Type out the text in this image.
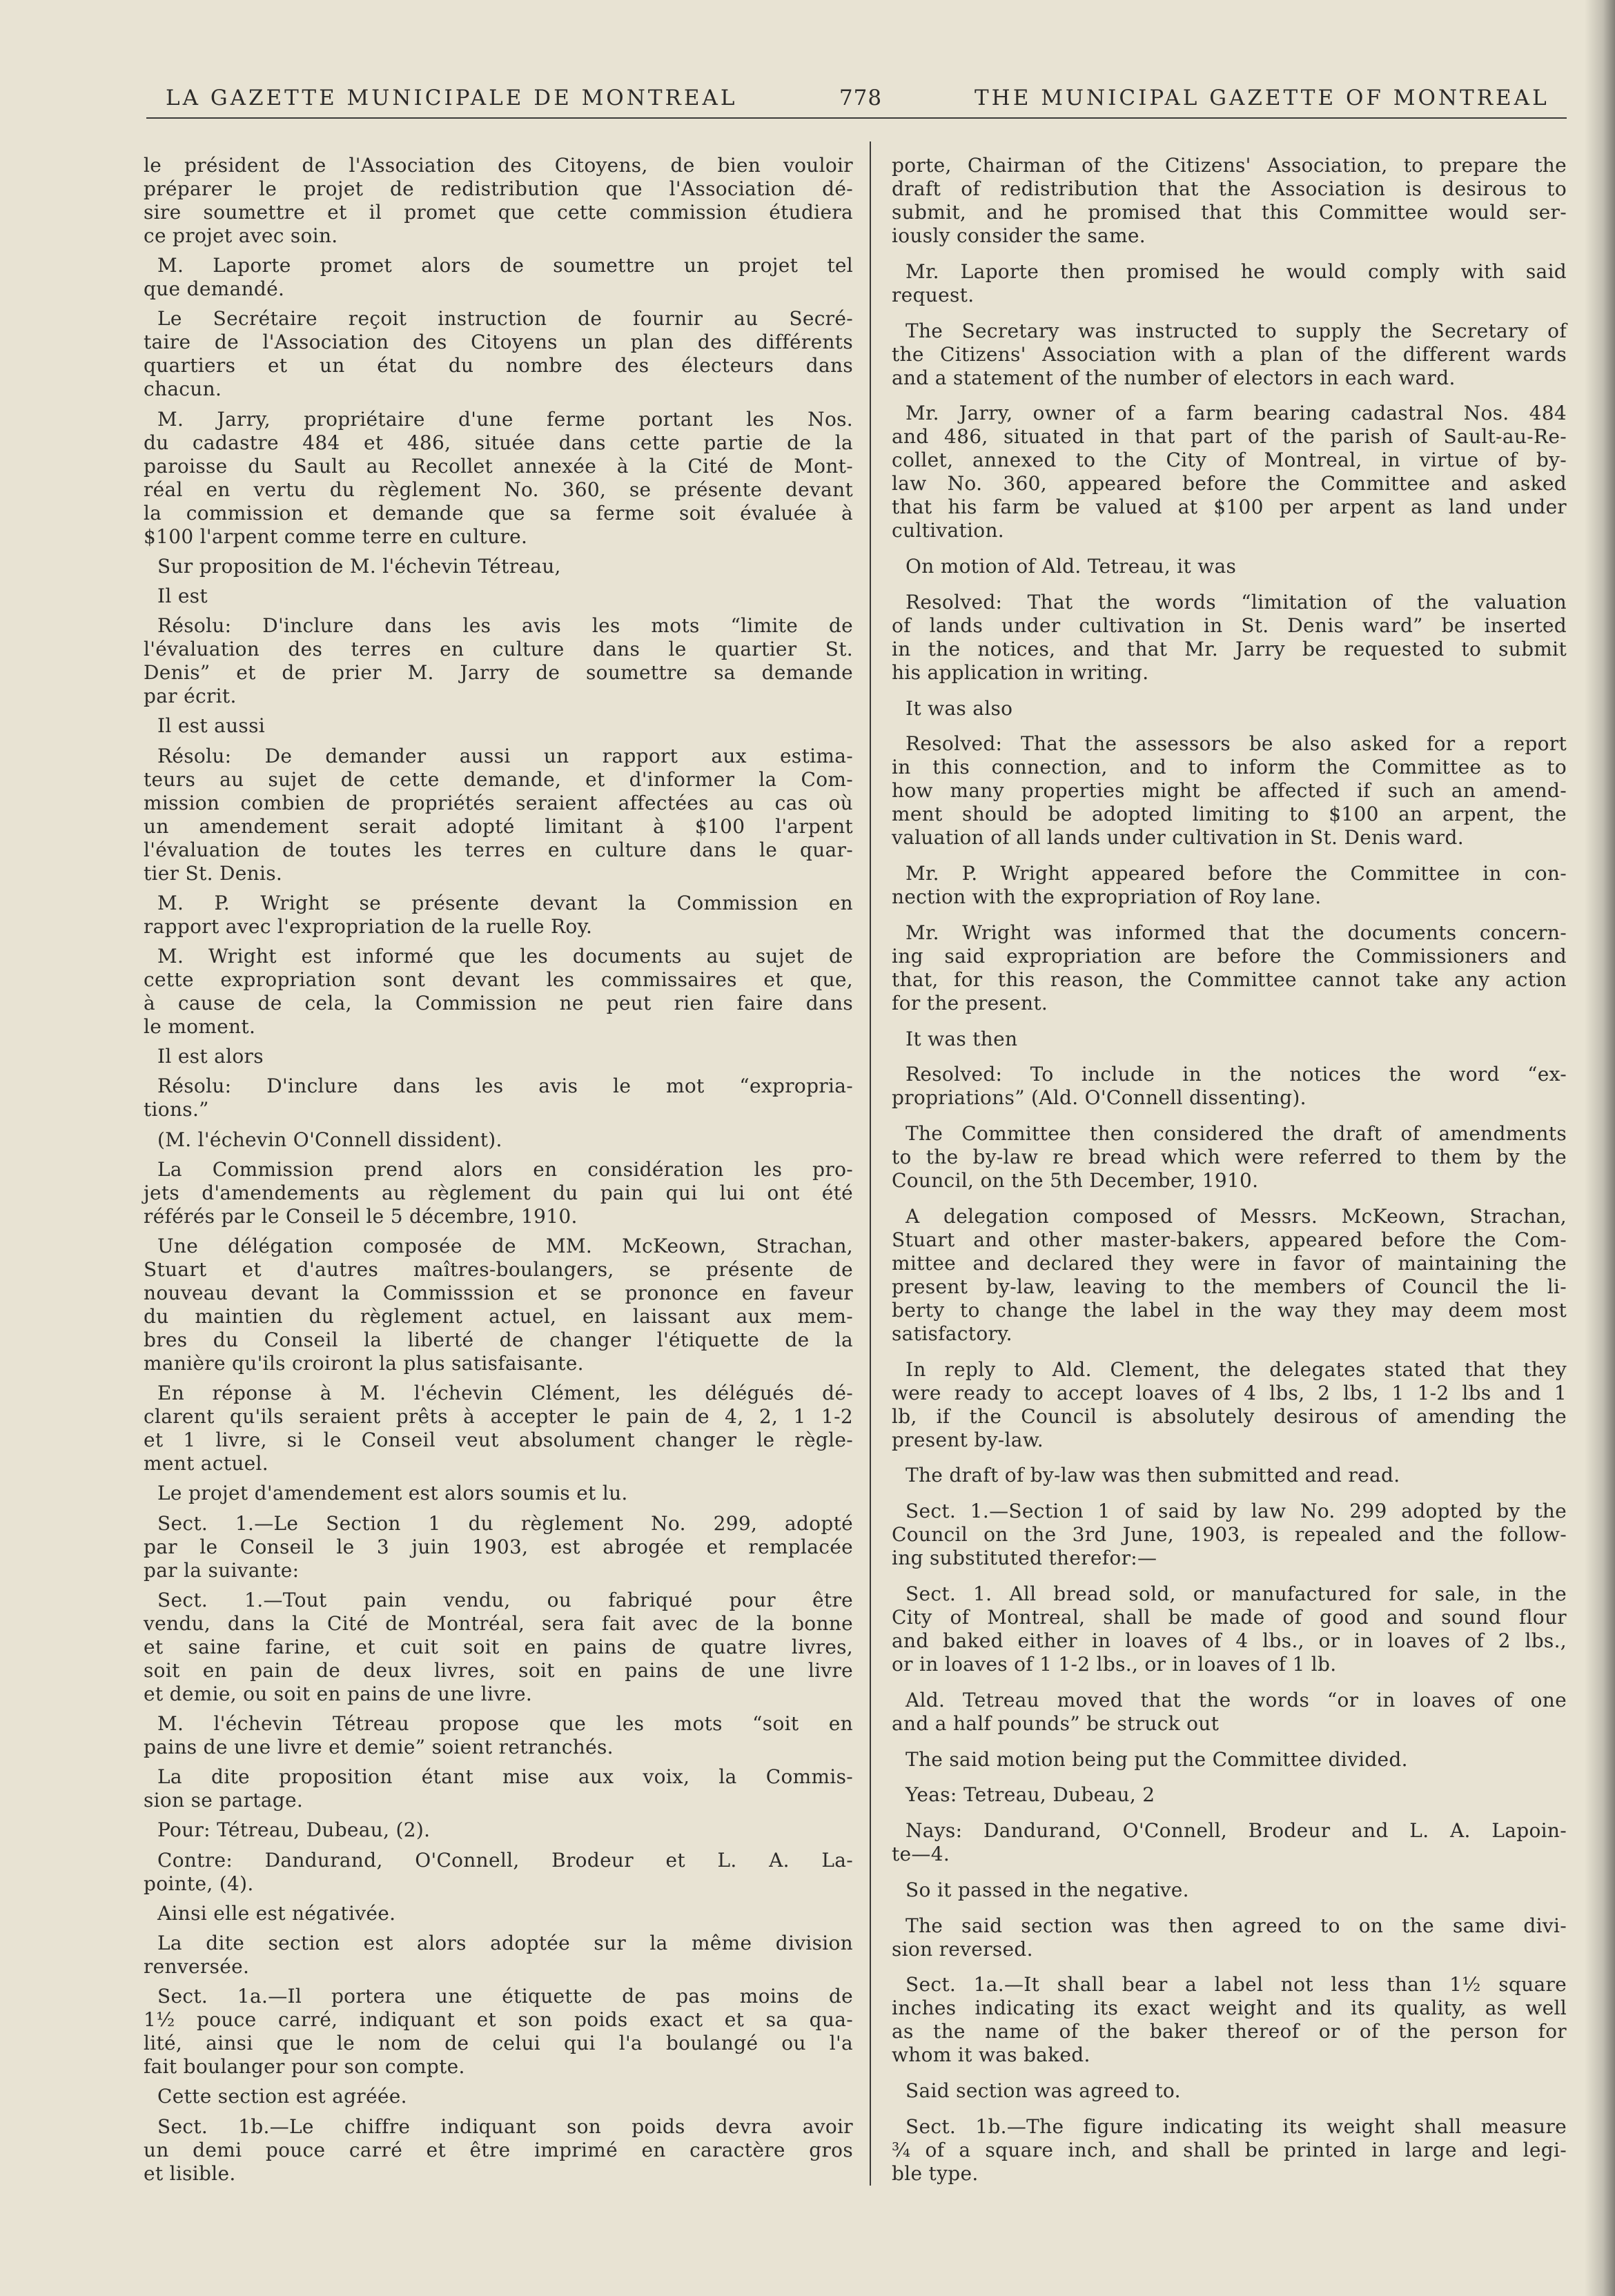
LA GAZETTE MUNICIPALE DE MONTREAL	778	THE MUNICIPAL GAZETTE OF MONTREAL
le président de l'Association des Citoyens, de bien vouloir
préparer le projet de redistribution que l'Association dé-
sire soumettre et il promet que cette commission étudiera
ce projet avec soin.
M. Laporte promet alors de soumettre un projet tel
que demandé.
Le Secrétaire reçoit instruction de fournir au Secré-
taire de l'Association des Citoyens un plan des différents
quartiers et un état du nombre des électeurs dans
chacun.
M. Jarry, propriétaire d'une ferme portant les Nos.
du cadastre 484 et 486, située dans cette partie de la
paroisse du Sault au Recollet annexée à la Cité de Mont-
réal en vertu du règlement No. 360, se présente devant
la commission et demande que sa ferme soit évaluée à
$100 l'arpent comme terre en culture.
Sur proposition de M. l'échevin Tétreau,
Il est
Résolu: D'inclure dans les avis les mots “limite de
l'évaluation des terres en culture dans le quartier St.
Denis” et de prier M. Jarry de soumettre sa demande
par écrit.
Il est aussi
Résolu: De demander aussi un rapport aux estima-
teurs au sujet de cette demande, et d'informer la Com-
mission combien de propriétés seraient affectées au cas où
un amendement serait adopté limitant à $100 l'arpent
l'évaluation de toutes les terres en culture dans le quar-
tier St. Denis.
M. P. Wright se présente devant la Commission en
rapport avec l'expropriation de la ruelle Roy.
M. Wright est informé que les documents au sujet de
cette expropriation sont devant les commissaires et que,
à cause de cela, la Commission ne peut rien faire dans
le moment.
Il est alors
Résolu: D'inclure dans les avis le mot “expropria-
tions.”
(M. l'échevin O'Connell dissident).
La Commission prend alors en considération les pro-
jets d'amendements au règlement du pain qui lui ont été
référés par le Conseil le 5 décembre, 1910.
Une délégation composée de MM. McKeown, Strachan,
Stuart et d'autres maîtres-boulangers, se présente de
nouveau devant la Commisssion et se prononce en faveur
du maintien du règlement actuel, en laissant aux mem-
bres du Conseil la liberté de changer l'étiquette de la
manière qu'ils croiront la plus satisfaisante.
En réponse à M. l'échevin Clément, les délégués dé-
clarent qu'ils seraient prêts à accepter le pain de 4, 2, 1 1-2
et 1 livre, si le Conseil veut absolument changer le règle-
ment actuel.
Le projet d'amendement est alors soumis et lu.
Sect. 1.—Le Section 1 du règlement No. 299, adopté
par le Conseil le 3 juin 1903, est abrogée et remplacée
par la suivante:
Sect. 1.—Tout pain vendu, ou fabriqué pour être
vendu, dans la Cité de Montréal, sera fait avec de la bonne
et saine farine, et cuit soit en pains de quatre livres,
soit en pain de deux livres, soit en pains de une livre
et demie, ou soit en pains de une livre.
M. l'échevin Tétreau propose que les mots “soit en
pains de une livre et demie” soient retranchés.
La dite proposition étant mise aux voix, la Commis-
sion se partage.
Pour: Tétreau, Dubeau, (2).
Contre: Dandurand, O'Connell, Brodeur et L. A. La-
pointe, (4).
Ainsi elle est négativée.
La dite section est alors adoptée sur la même division
renversée.
Sect. 1a.—Il portera une étiquette de pas moins de
1½ pouce carré, indiquant et son poids exact et sa qua-
lité, ainsi que le nom de celui qui l'a boulangé ou l'a
fait boulanger pour son compte.
Cette section est agréée.
Sect. 1b.—Le chiffre indiquant son poids devra avoir
un demi pouce carré et être imprimé en caractère gros
et lisible.
porte, Chairman of the Citizens' Association, to prepare the
draft of redistribution that the Association is desirous to
submit, and he promised that this Committee would ser-
iously consider the same.
Mr. Laporte then promised he would comply with said
request.
The Secretary was instructed to supply the Secretary of
the Citizens' Association with a plan of the different wards
and a statement of the number of electors in each ward.
Mr. Jarry, owner of a farm bearing cadastral Nos. 484
and 486, situated in that part of the parish of Sault-au-Re-
collet, annexed to the City of Montreal, in virtue of by-
law No. 360, appeared before the Committee and asked
that his farm be valued at $100 per arpent as land under
cultivation.
On motion of Ald. Tetreau, it was
Resolved: That the words “limitation of the valuation
of lands under cultivation in St. Denis ward” be inserted
in the notices, and that Mr. Jarry be requested to submit
his application in writing.
It was also
Resolved: That the assessors be also asked for a report
in this connection, and to inform the Committee as to
how many properties might be affected if such an amend-
ment should be adopted limiting to $100 an arpent, the
valuation of all lands under cultivation in St. Denis ward.
Mr. P. Wright appeared before the Committee in con-
nection with the expropriation of Roy lane.
Mr. Wright was informed that the documents concern-
ing said expropriation are before the Commissioners and
that, for this reason, the Committee cannot take any action
for the present.
It was then
Resolved: To include in the notices the word “ex-
propriations” (Ald. O'Connell dissenting).
The Committee then considered the draft of amendments
to the by-law re bread which were referred to them by the
Council, on the 5th December, 1910.
A delegation composed of Messrs. McKeown, Strachan,
Stuart and other master-bakers, appeared before the Com-
mittee and declared they were in favor of maintaining the
present by-law, leaving to the members of Council the li-
berty to change the label in the way they may deem most
satisfactory.
In reply to Ald. Clement, the delegates stated that they
were ready to accept loaves of 4 lbs, 2 lbs, 1 1-2 lbs and 1
lb, if the Council is absolutely desirous of amending the
present by-law.
The draft of by-law was then submitted and read.
Sect. 1.—Section 1 of said by law No. 299 adopted by the
Council on the 3rd June, 1903, is repealed and the follow-
ing substituted therefor:—
Sect. 1. All bread sold, or manufactured for sale, in the
City of Montreal, shall be made of good and sound flour
and baked either in loaves of 4 lbs., or in loaves of 2 lbs.,
or in loaves of 1 1-2 lbs., or in loaves of 1 lb.
Ald. Tetreau moved that the words “or in loaves of one
and a half pounds” be struck out
The said motion being put the Committee divided.
Yeas: Tetreau, Dubeau, 2
Nays: Dandurand, O'Connell, Brodeur and L. A. Lapoin-
te—4.
So it passed in the negative.
The said section was then agreed to on the same divi-
sion reversed.
Sect. 1a.—It shall bear a label not less than 1½ square
inches indicating its exact weight and its quality, as well
as the name of the baker thereof or of the person for
whom it was baked.
Said section was agreed to.
Sect. 1b.—The figure indicating its weight shall measure
¾ of a square inch, and shall be printed in large and legi-
ble type.
